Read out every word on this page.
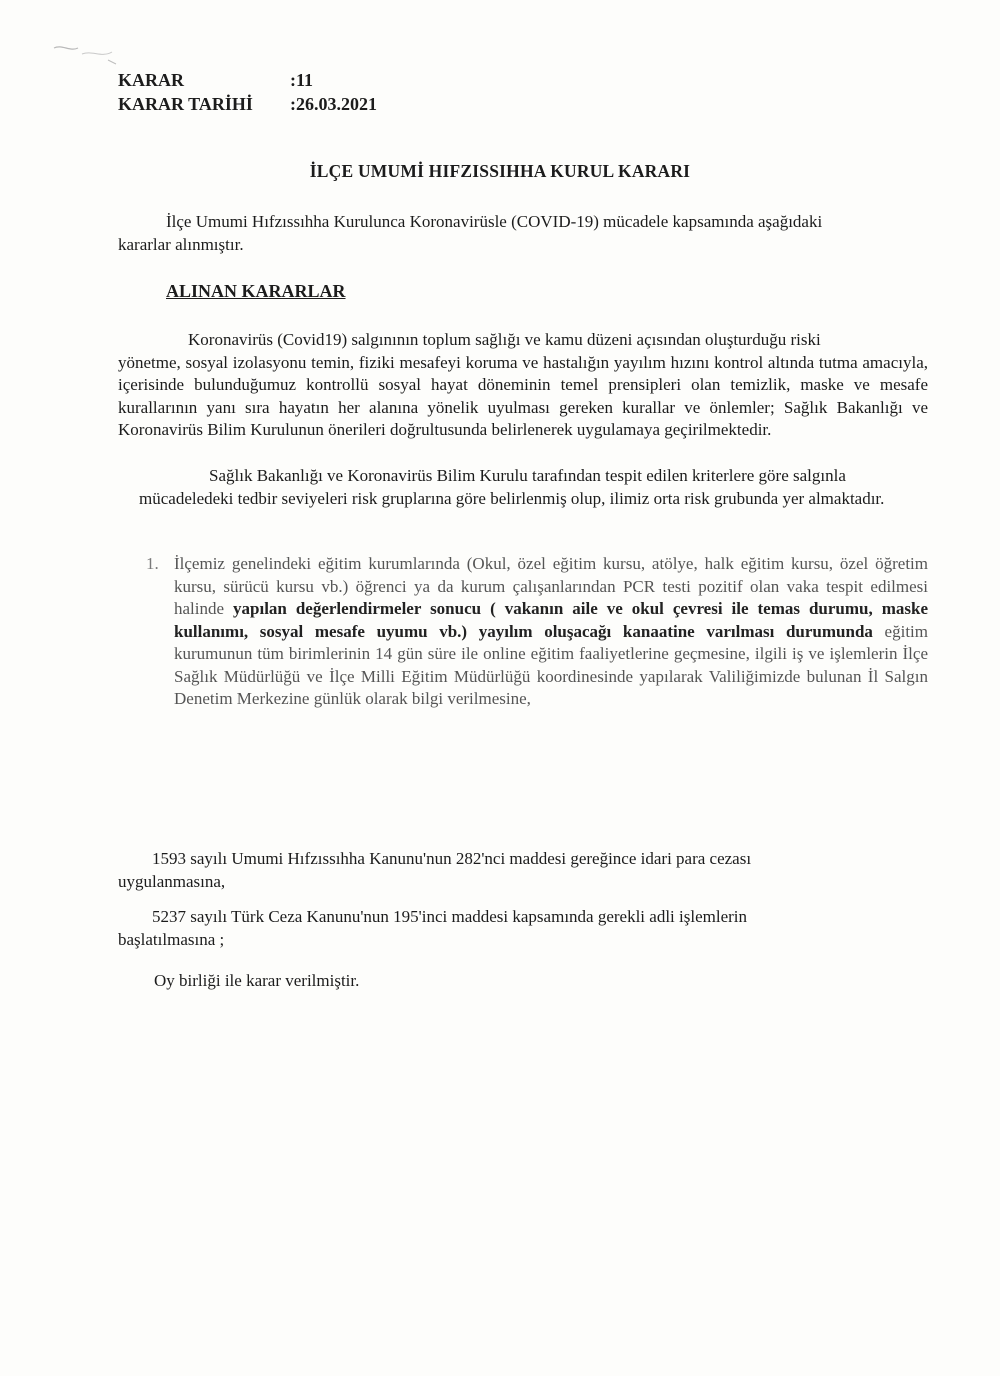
KARAR	:11
KARAR TARİHİ	:26.03.2021
İLÇE UMUMİ HIFZISSIHHA KURUL KARARI
İlçe Umumi Hıfzıssıhha Kurulunca Koronavirüsle (COVID-19) mücadele kapsamında aşağıdaki
kararlar alınmıştır.
ALINAN KARARLAR
Koronavirüs (Covid19) salgınının toplum sağlığı ve kamu düzeni açısından oluşturduğu riski
yönetme, sosyal izolasyonu temin, fiziki mesafeyi koruma ve hastalığın yayılım hızını kontrol altında tutma amacıyla, içerisinde bulunduğumuz kontrollü sosyal hayat döneminin temel prensipleri olan temizlik, maske ve mesafe kurallarının yanı sıra hayatın her alanına yönelik uyulması gereken kurallar ve önlemler; Sağlık Bakanlığı ve Koronavirüs Bilim Kurulunun önerileri doğrultusunda belirlenerek uygulamaya geçirilmektedir.
Sağlık Bakanlığı ve Koronavirüs Bilim Kurulu tarafından tespit edilen kriterlere göre salgınla
mücadeledeki tedbir seviyeleri risk gruplarına göre belirlenmiş olup, ilimiz orta risk grubunda yer almaktadır.
1. İlçemiz genelindeki eğitim kurumlarında (Okul, özel eğitim kursu, atölye, halk eğitim kursu, özel öğretim kursu, sürücü kursu vb.) öğrenci ya da kurum çalışanlarından PCR testi pozitif olan vaka tespit edilmesi halinde yapılan değerlendirmeler sonucu ( vakanın aile ve okul çevresi ile temas durumu, maske kullanımı, sosyal mesafe uyumu vb.) yayılım oluşacağı kanaatine varılması durumunda eğitim kurumunun tüm birimlerinin 14 gün süre ile online eğitim faaliyetlerine geçmesine, ilgili iş ve işlemlerin İlçe Sağlık Müdürlüğü ve İlçe Milli Eğitim Müdürlüğü koordinesinde yapılarak Valiliğimizde bulunan İl Salgın Denetim Merkezine günlük olarak bilgi verilmesine,
1593 sayılı Umumi Hıfzıssıhha Kanunu'nun 282'nci maddesi gereğince idari para cezası
uygulanmasına,
5237 sayılı Türk Ceza Kanunu'nun 195'inci maddesi kapsamında gerekli adli işlemlerin
başlatılmasına ;
Oy birliği ile karar verilmiştir.
